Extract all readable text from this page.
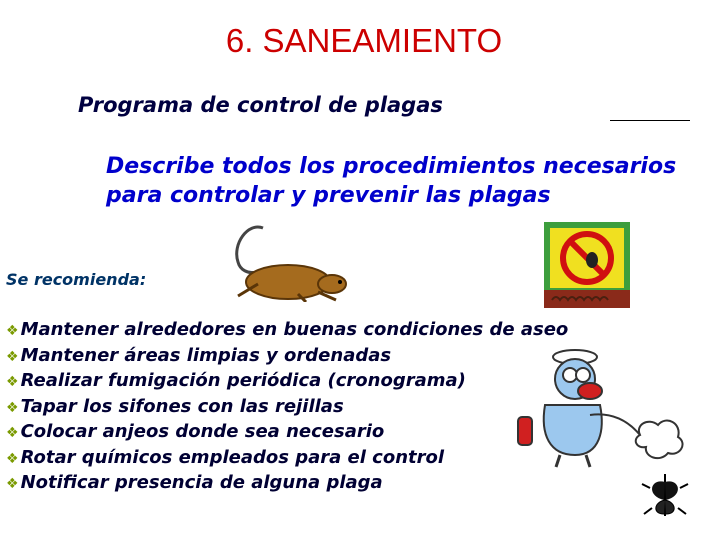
6. SANEAMIENTO
Programa de control de plagas
Describe todos los procedimientos necesarios para controlar y prevenir las plagas
Se recomienda:
❖ Mantener alrededores en buenas condiciones de aseo
❖ Mantener áreas limpias y ordenadas
❖ Realizar fumigación periódica (cronograma)
❖ Tapar los sifones con las rejillas
❖ Colocar anjeos donde sea necesario
❖ Rotar químicos empleados para el control
❖ Notificar presencia de alguna plaga
